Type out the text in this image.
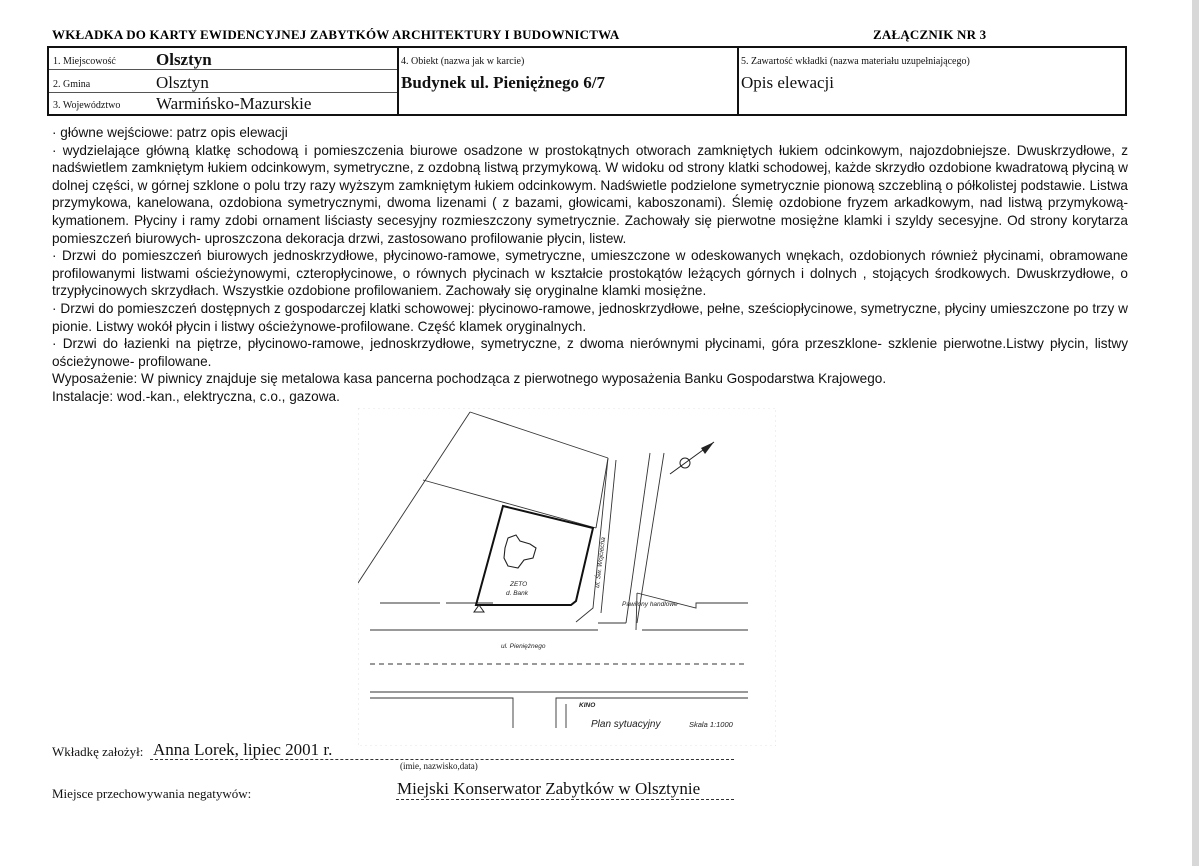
WKŁADKA DO KARTY EWIDENCYJNEJ ZABYTKÓW ARCHITEKTURY I BUDOWNICTWA	ZAŁĄCZNIK NR 3
1. Miejscowość Olsztyn
2. Gmina	Olsztyn
3. Województwo Warmińsko-Mazurskie
4. Obiekt (nazwa jak w karcie)
Budynek ul. Pieniężnego 6/7
5. Zawartość wkładki (nazwa materiału uzupełniającego)
Opis elewacji

· główne wejściowe: patrz opis elewacji

· wydzielające główną klatkę schodową i pomieszczenia biurowe osadzone w prostokątnych otworach zamkniętych łukiem odcinkowym, najozdobniejsze. Dwuskrzydłowe, z nadświetlem zamkniętym łukiem odcinkowym, symetryczne, z ozdobną listwą przymykową. W widoku od strony klatki schodowej, każde skrzydło ozdobione kwadratową płyciną w dolnej części, w górnej szklone o polu trzy razy wyższym zamkniętym łukiem odcinkowym. Nadświetle podzielone symetrycznie pionową szczebliną o półkolistej podstawie. Listwa przymykowa, kanelowana, ozdobiona symetrycznymi, dwoma lizenami ( z bazami, głowicami, kaboszonami). Ślemię ozdobione fryzem arkadkowym, nad listwą przymykową-kymationem. Płyciny i ramy zdobi ornament liściasty secesyjny rozmieszczony symetrycznie. Zachowały się pierwotne mosiężne klamki i szyldy secesyjne. Od strony korytarza pomieszczeń biurowych- uproszczona dekoracja drzwi, zastosowano profilowanie płycin, listew.

· Drzwi do pomieszczeń biurowych jednoskrzydłowe, płycinowo-ramowe, symetryczne, umieszczone w odeskowanych wnękach, ozdobionych również płycinami, obramowane profilowanymi listwami ościeżynowymi, czteropłycinowe, o równych płycinach w kształcie prostokątów leżących górnych i dolnych , stojących środkowych. Dwuskrzydłowe, o trzypłycinowych skrzydłach. Wszystkie ozdobione profilowaniem. Zachowały się oryginalne klamki mosiężne.

· Drzwi do pomieszczeń dostępnych z gospodarczej klatki schowowej: płycinowo-ramowe, jednoskrzydłowe, pełne, sześciopłycinowe, symetryczne, płyciny umieszczone po trzy w pionie. Listwy wokół płycin i listwy ościeżynowe-profilowane. Część klamek oryginalnych.

· Drzwi do łazienki na piętrze, płycinowo-ramowe, jednoskrzydłowe, symetryczne, z dwoma nierównymi płycinami, góra przeszklone- szklenie pierwotne.Listwy płycin, listwy ościeżynowe- profilowane.

Wyposażenie: W piwnicy znajduje się metalowa kasa pancerna pochodząca z pierwotnego wyposażenia Banku Gospodarstwa Krajowego.

Instalacje: wod.-kan., elektryczna, c.o., gazowa.

ZETO
d. Bank
ul. Św. Wojciecha
Pawilony handlowe
ul. Pieniężnego
KINO
Plan sytuacyjny	Skala 1:1000
Wkładkę założył: Anna Lorek, lipiec 2001 r.
(imie, nazwisko,data)
Miejsce przechowywania negatywów:	Miejski Konserwator Zabytków w Olsztynie
